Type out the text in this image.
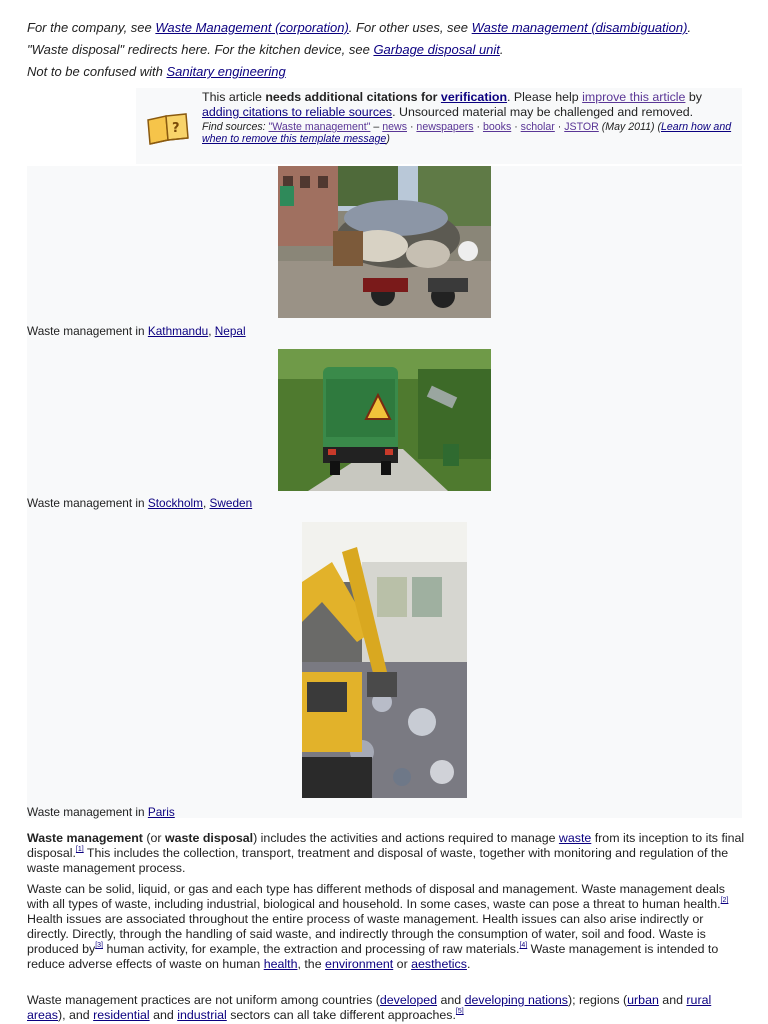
For the company, see Waste Management (corporation). For other uses, see Waste management (disambiguation).
"Waste disposal" redirects here. For the kitchen device, see Garbage disposal unit.
Not to be confused with Sanitary engineering
?
This article needs additional citations for verification. Please help improve this article by adding citations to reliable sources. Unsourced material may be challenged and removed.
Find sources: "Waste management" – news · newspapers · books · scholar · JSTOR (May 2011) (Learn how and when to remove this template message)
Waste management in Kathmandu, Nepal
Waste management in Stockholm, Sweden
Waste management in Paris
Waste management (or waste disposal) includes the activities and actions required to manage waste from its inception to its final disposal.[1] This includes the collection, transport, treatment and disposal of waste, together with monitoring and regulation of the waste management process.
Waste can be solid, liquid, or gas and each type has different methods of disposal and management. Waste management deals with all types of waste, including industrial, biological and household. In some cases, waste can pose a threat to human health.[2] Health issues are associated throughout the entire process of waste management. Health issues can also arise indirectly or directly. Directly, through the handling of said waste, and indirectly through the consumption of water, soil and food. Waste is produced by[3] human activity, for example, the extraction and processing of raw materials.[4] Waste management is intended to reduce adverse effects of waste on human health, the environment or aesthetics.
Waste management practices are not uniform among countries (developed and developing nations); regions (urban and rural areas), and residential and industrial sectors can all take different approaches.[5]
